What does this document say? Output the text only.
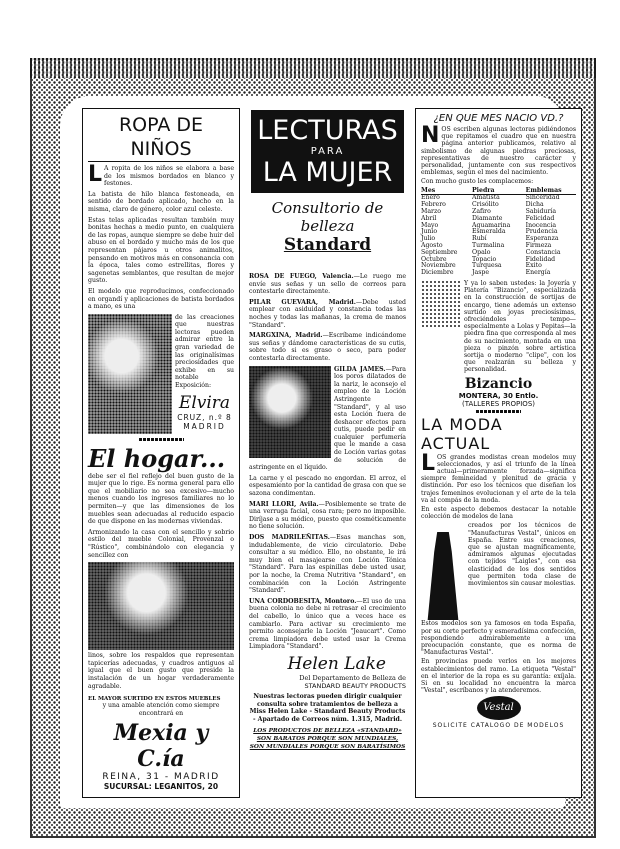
ROPA DE NIÑOS

L A ropita de los niños se elabora a base de los mismos bordados en blanco y festones.

La batista de hilo blanca festoneada, en sentido de bordado aplicado, hecho en la misma, claro de género, color azul celeste.

Estas telas aplicadas resultan también muy bonitas hechas a medio punto, en cualquiera de las ropas, aunque siempre se debe huir del abuso en el bordado y mucho más de los que representan pájaros u otros animalitos, pensando en motivos más en consonancia con la época, tales como estrellitas, flores y sagenetas semblantes, que resultan de mejor gusto.

El modelo que reproducimos, confeccionado en organdí y aplicaciones de batista bordados a mano, es una

de las creaciones que nuestras lectoras pueden admirar entre la gran variedad de las originalísimas preciosidades que exhibe en su notable Exposición:

Elvira
CRUZ, n.º 8
MADRID
El hogar...

debe ser el fiel reflejo del buen gusto de la mujer que lo rige. Es norma general para ello que el mobiliario no sea excesivo—mucho menos cuando los ingresos familiares no lo permiten—y que las dimensiones de los muebles sean adecuadas al reducido espacio de que dispone en las modernas viviendas.

Armonizando la casa con el sencillo y sobrio estilo del mueble Colonial, Provenzal o "Rústico", combinándolo con elegancia y sencillez con

linos, sobre los respaldos que representan tapicerías adecuadas, y cuadros antiguos al igual que el buen gusto que preside la instalación de un hogar verdaderamente agradable.

EL MAYOR SURTIDO EN ESTOS MUEBLES

y una amable atención como siempre encontrará en

Mexia y C.ía
REINA, 31 - MADRID
SUCURSAL: LEGANITOS, 20
LECTURAS
PARA
LA MUJER
Consultorio de belleza
Standard

ROSA DE FUEGO, Valencia.—Le ruego me envíe sus señas y un sello de correos para contestarle directamente.

PILAR GUEVARA, Madrid.—Debe usted emplear con asiduidad y constancia todas las noches y todas las mañanas, la crema de manos "Standard".

MARGXINA, Madrid.—Escríbame indicándome sus señas y dándome características de su cutis, sobre todo si es graso o seco, para poder contestarla directamente.

GILDA JAMES.—Para los poros dilatados de la nariz, le aconsejo el empleo de la Loción Astringente "Standard", y al uso esta Loción fuera de deshacer efectos para cutis, puede pedir en cualquier perfumería que le mande a casa de Loción varias gotas de solución de astringente en el líquido.

La carne y el pescado no engordan. El arroz, el espesamiento por la cantidad de grasa con que se sazona condimentan.

MARI LLORI, Avila.—Posiblemente se trate de una verruga facial, cosa rara; pero no imposible. Diríjase a su médico, puesto que cosméticamente no tiene solución.

DOS MADRILEÑITAS.—Esas manchas son, indudablemente, de vicio circulatorio. Debe consultar a su médico. Ello, no obstante, le irá muy bien el masajearse con Loción Tónica "Standard". Para las espinillas debe usted usar, por la noche, la Crema Nutritiva "Standard", en combinación con la Loción Astringente "Standard".

UNA CORDOBESITA, Montoro.—El uso de una buena colonia no debe ni retrasar el crecimiento del cabello, lo único que a veces hace es cambiarlo. Para activar su crecimiento me permito aconsejarle la Loción "Jeaucart". Como crema limpiadora debe usted usar la Crema Limpiadora "Standard".

Helen Lake
Del Departamento de Belleza de
STANDARD BEAUTY PRODUCTS

Nuestras lectoras pueden dirigir cualquier consulta sobre tratamientos de belleza a Miss Helen Lake - Standard Beauty Products - Apartado de Correos núm. 1.315, Madrid.

LOS PRODUCTOS DE BELLEZA «STANDARD»
SON BARATOS PORQUE SON MUNDIALES,
SON MUNDIALES PORQUE SON BARATÍSIMOS
¿EN QUE MES NACIO VD.?

NOS escriben algunas lectoras pidiéndonos que repitamos el cuadro que en nuestra página anterior publicamos, relativo al simbolismo de algunas piedras preciosas, representativas de nuestro carácter y personalidad, juntamente con sus respectivos emblemas, según el mes del nacimiento.

Con mucho gusto les complacemos:

Mes	Piedra	Emblemas
Enero	Amatista	Sinceridad
Febrero	Crisólito	Dicha
Marzo	Zafiro	Sabiduría
Abril	Diamante	Felicidad
Mayo	Aguamarina	Inocencia
Junio	Esmeralda	Prudencia
Julio	Rubí	Esperanza
Agosto	Turmalina	Firmeza
Septiembre	Opalo	Constancia
Octubre	Topacio	Fidelidad
Noviembre	Turquesa	Exito
Diciembre	Jaspe	Energía

Y ya lo saben ustedes: la Joyería y Platería "Bizancio", especializada en la construcción de sortijas de encargo, tiene además un extenso surtido en joyas preciosísimas, ofreciéndoles tempo—especialmente a Lolas y Pepitas—la piedra fina que corresponda al mes de su nacimiento, montada en una pieza o pinzón sobre artística sortija o moderno "clipe", con los que realzarán su belleza y personalidad.

Bizancio
MONTERA, 30 Entlo.
(TALLERES PROPIOS)
LA MODA ACTUAL

LOS grandes modistas crean modelos muy seleccionados, y así el triunfo de la línea actual—primeramente forzada—significa siempre femineidad y plenitud de gracia y distinción. Por eso los técnicos que diseñan los trajes femeninos evolucionan y el arte de la tela va al compás de la moda.

En este aspecto debemos destacar la notable colección de modelos de lana

creados por los técnicos de "Manufacturas Vestal", únicos en España. Entre sus creaciones, que se ajustan magníficamente, admiramos algunas ejecutadas con tejidos "Laigles", con esa elasticidad de los dos sentidos que permiten toda clase de movimientos sin causar molestias.

Estos modelos son ya famosos en toda España, por su corte perfecto y esmeradísima confección, respondiendo admirablemente a una preocupación constante, que es norma de "Manufacturas Vestal".

En provincias puede verlos en los mejores establecimientos del ramo. La etiqueta "Vestal" en el interior de la ropa es su garantía: exíjala. Si en su localidad no encuentra la marca "Vestal", escríbanos y la atenderemos.

Vestal
SOLICITE CATALOGO DE MODELOS
